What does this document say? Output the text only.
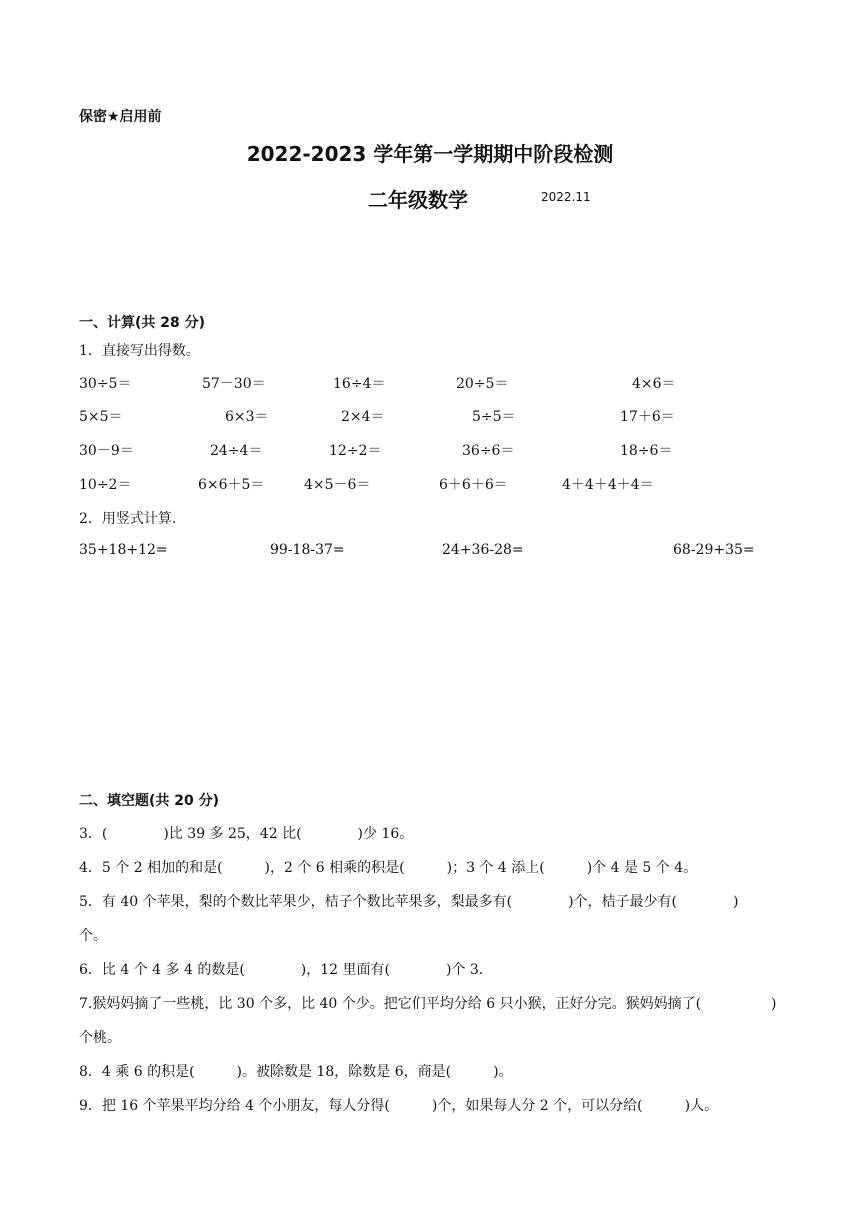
保密★启用前
2022-2023 学年第一学期期中阶段检测
二年级数学	2022.11
一、计算(共 28 分)
1．直接写出得数。
30÷5＝	57－30＝	16÷4＝	20÷5＝	4×6＝
5×5＝	6×3＝	2×4＝	5÷5＝	17＋6＝
30－9＝	24÷4＝	12÷2＝	36÷6＝	18÷6＝
10÷2＝	6×6＋5＝	4×5－6＝	6＋6＋6＝	4＋4＋4＋4＝
2．用竖式计算.
35+18+12=	99-18-37=	24+36-28=	68-29+35=
二、填空题(共 20 分)
3．(　　　　)比 39 多 25，42 比(　　　　)少 16。
4．5 个 2 相加的和是(　　　)，2 个 6 相乘的积是(　　　)；3 个 4 添上(　　　)个 4 是 5 个 4。
5．有 40 个苹果，梨的个数比苹果少，桔子个数比苹果多，梨最多有(　　　　)个，桔子最少有(　　　　)
个。
6．比 4 个 4 多 4 的数是(　　　　)，12 里面有(　　　　)个 3．
7.猴妈妈摘了一些桃，比 30 个多，比 40 个少。把它们平均分给 6 只小猴，正好分完。猴妈妈摘了(　　　　　)
个桃。
8．4 乘 6 的积是(　　　)。被除数是 18，除数是 6，商是(　　　)。
9．把 16 个苹果平均分给 4 个小朋友，每人分得(　　　)个，如果每人分 2 个，可以分给(　　　)人。
